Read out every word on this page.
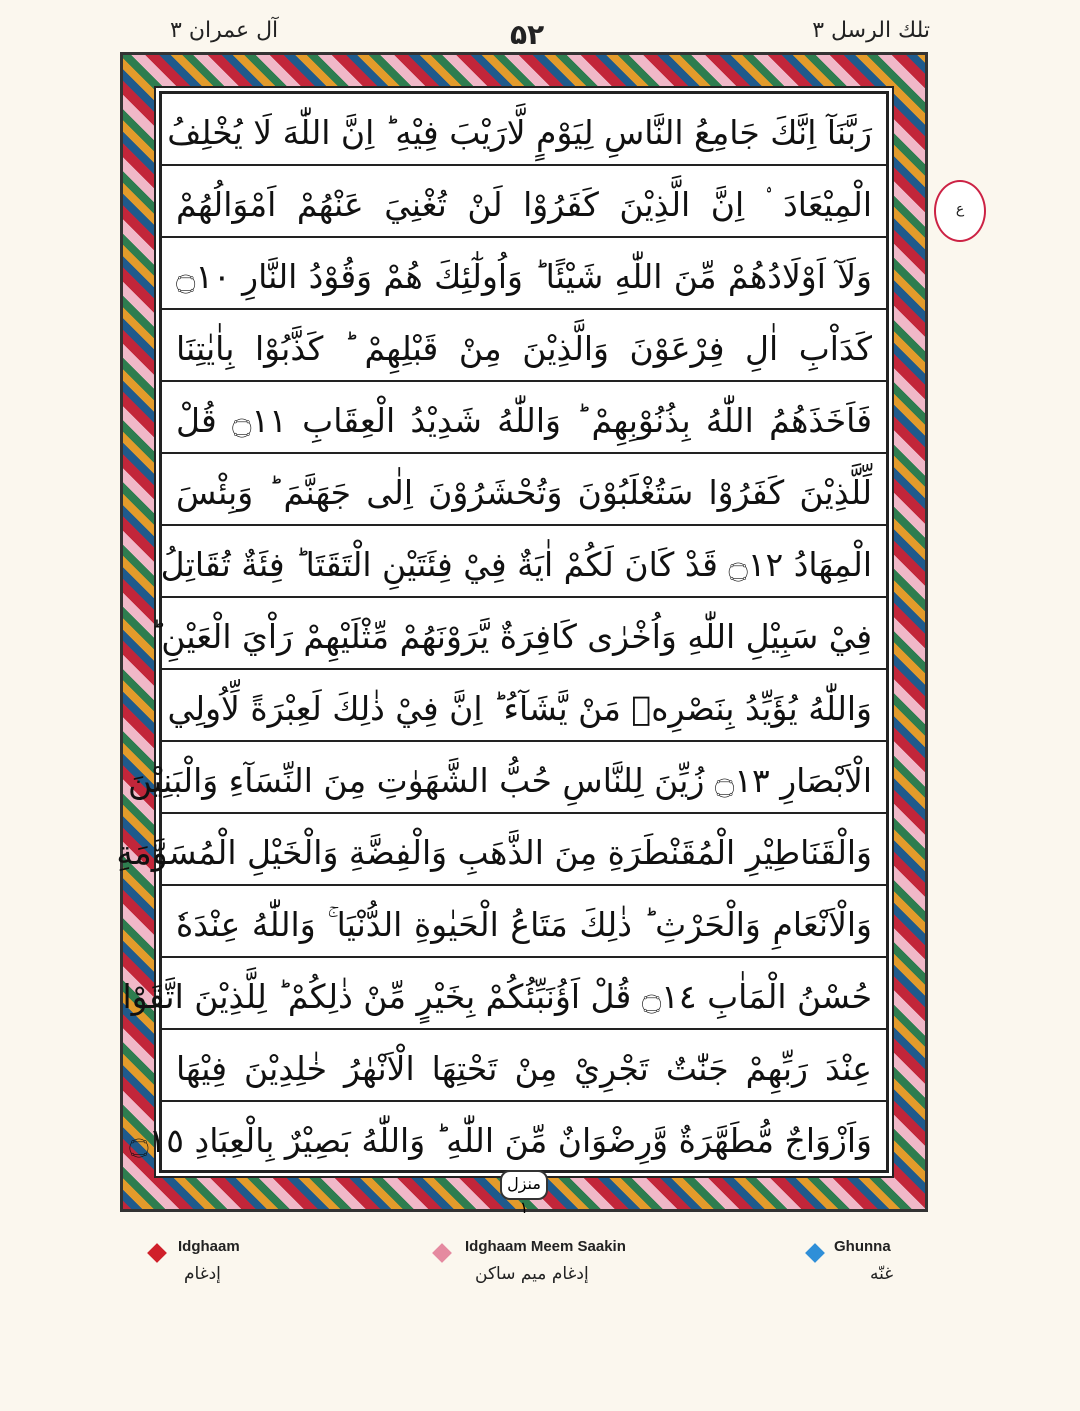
آل عمران ۳	۵۲	تلك الرسل ۳
رَبَّنَآ اِنَّكَ جَامِعُ النَّاسِ لِيَوْمٍ لَّارَيْبَ فِيْهِ ؕ اِنَّ اللّٰهَ لَا يُخْلِفُ
الْمِيْعَادَ ۟ اِنَّ الَّذِيْنَ كَفَرُوْا لَنْ تُغْنِيَ عَنْهُمْ اَمْوَالُهُمْ
وَلَآ اَوْلَادُهُمْ مِّنَ اللّٰهِ شَيْئًا ؕ وَاُولٰٓئِكَ هُمْ وَقُوْدُ النَّارِ ۝١٠
كَدَاْبِ اٰلِ فِرْعَوْنَ وَالَّذِيْنَ مِنْ قَبْلِهِمْ ؕ كَذَّبُوْا بِاٰيٰتِنَا
فَاَخَذَهُمُ اللّٰهُ بِذُنُوْبِهِمْ ؕ وَاللّٰهُ شَدِيْدُ الْعِقَابِ ۝١١ قُلْ
لِّلَّذِيْنَ كَفَرُوْا سَتُغْلَبُوْنَ وَتُحْشَرُوْنَ اِلٰى جَهَنَّمَ ؕ وَبِئْسَ
الْمِهَادُ ۝١٢ قَدْ كَانَ لَكُمْ اٰيَةٌ فِيْ فِئَتَيْنِ الْتَقَتَا ؕ فِئَةٌ تُقَاتِلُ
فِيْ سَبِيْلِ اللّٰهِ وَاُخْرٰى كَافِرَةٌ يَّرَوْنَهُمْ مِّثْلَيْهِمْ رَاْيَ الْعَيْنِ ؕ
وَاللّٰهُ يُؤَيِّدُ بِنَصْرِهٖ مَنْ يَّشَآءُ ؕ اِنَّ فِيْ ذٰلِكَ لَعِبْرَةً لِّاُولِي
الْاَبْصَارِ ۝١٣ زُيِّنَ لِلنَّاسِ حُبُّ الشَّهَوٰتِ مِنَ النِّسَآءِ وَالْبَنِيْنَ
وَالْقَنَاطِيْرِ الْمُقَنْطَرَةِ مِنَ الذَّهَبِ وَالْفِضَّةِ وَالْخَيْلِ الْمُسَوَّمَةِ
وَالْاَنْعَامِ وَالْحَرْثِ ؕ ذٰلِكَ مَتَاعُ الْحَيٰوةِ الدُّنْيَا ۚ وَاللّٰهُ عِنْدَهٗ
حُسْنُ الْمَاٰبِ ۝١٤ قُلْ اَؤُنَبِّئُكُمْ بِخَيْرٍ مِّنْ ذٰلِكُمْ ؕ لِلَّذِيْنَ اتَّقَوْا
عِنْدَ رَبِّهِمْ جَنّٰتٌ تَجْرِيْ مِنْ تَحْتِهَا الْاَنْهٰرُ خٰلِدِيْنَ فِيْهَا
وَاَزْوَاجٌ مُّطَهَّرَةٌ وَّرِضْوَانٌ مِّنَ اللّٰهِ ؕ وَاللّٰهُ بَصِيْرٌ بِالْعِبَادِ ۝١٥
ع
منزل ۱
Idghaam
إدغام
Idghaam Meem Saakin
إدغام ميم ساكن
Ghunna
غنّه
